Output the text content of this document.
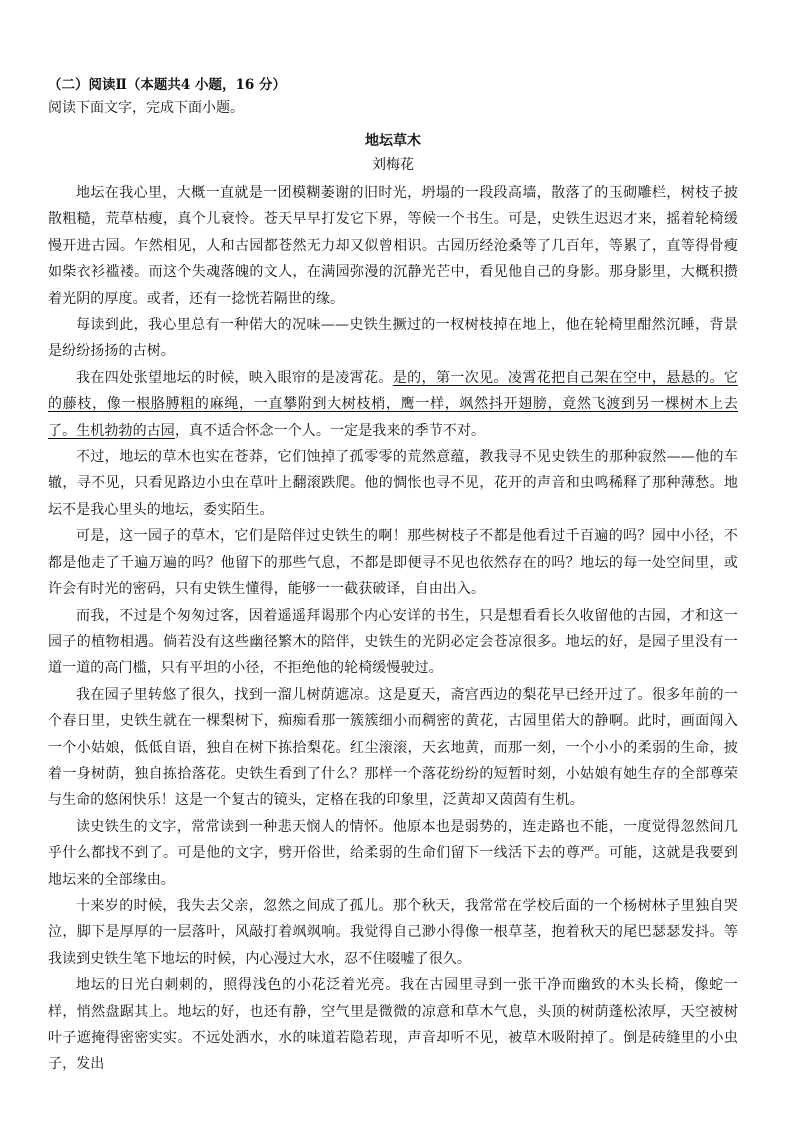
（二）阅读Ⅱ（本题共4 小题，16 分）

阅读下面文字，完成下面小题。

地坛草木

刘梅花

地坛在我心里，大概一直就是一团模糊萎谢的旧时光，坍塌的一段段高墙，散落了的玉砌雕栏，树枝子披散粗糙，荒草枯瘦，真个儿衰怜。苍天早早打发它下界，等候一个书生。可是，史铁生迟迟才来，摇着轮椅缓慢开进古园。乍然相见，人和古园都苍然无力却又似曾相识。古园历经沧桑等了几百年，等累了，直等得骨瘦如柴衣衫褴褛。而这个失魂落魄的文人，在满园弥漫的沉静光芒中，看见他自己的身影。那身影里，大概积攒着光阴的厚度。或者，还有一捻恍若隔世的缘。

每读到此，我心里总有一种偌大的况味——史铁生撅过的一杈树枝掉在地上，他在轮椅里酣然沉睡，背景是纷纷扬扬的古树。

我在四处张望地坛的时候，映入眼帘的是凌霄花。是的，第一次见。凌霄花把自己架在空中，悬悬的。它的藤枝，像一根胳膊粗的麻绳，一直攀附到大树枝梢，鹰一样，飒然抖开翅膀，竟然飞渡到另一棵树木上去了。生机勃勃的古园，真不适合怀念一个人。一定是我来的季节不对。

不过，地坛的草木也实在苍莽，它们蚀掉了孤零零的荒然意蕴，教我寻不见史铁生的那种寂然——他的车辙，寻不见，只看见路边小虫在草叶上翻滚跌爬。他的惆怅也寻不见，花开的声音和虫鸣稀释了那种薄愁。地坛不是我心里头的地坛，委实陌生。

可是，这一园子的草木，它们是陪伴过史铁生的啊！那些树枝子不都是他看过千百遍的吗？园中小径，不都是他走了千遍万遍的吗？他留下的那些气息，不都是即便寻不见也依然存在的吗？地坛的每一处空间里，或许会有时光的密码，只有史铁生懂得，能够一一截获破译，自由出入。

而我，不过是个匆匆过客，因着遥遥拜谒那个内心安详的书生，只是想看看长久收留他的古园，才和这一园子的植物相遇。倘若没有这些幽径繁木的陪伴，史铁生的光阴必定会苍凉很多。地坛的好，是园子里没有一道一道的高门槛，只有平坦的小径，不拒绝他的轮椅缓慢驶过。

我在园子里转悠了很久，找到一溜儿树荫遮凉。这是夏天，斋宫西边的梨花早已经开过了。很多年前的一个春日里，史铁生就在一棵梨树下，痴痴看那一簇簇细小而稠密的黄花，古园里偌大的静啊。此时，画面闯入一个小姑娘，低低自语，独自在树下拣拾梨花。红尘滚滚，天玄地黄，而那一刻，一个小小的柔弱的生命，披着一身树荫，独自拣拾落花。史铁生看到了什么？那样一个落花纷纷的短暂时刻，小姑娘有她生存的全部尊荣与生命的悠闲快乐！这是一个复古的镜头，定格在我的印象里，泛黄却又茵茵有生机。

读史铁生的文字，常常读到一种悲天悯人的情怀。他原本也是弱势的，连走路也不能，一度觉得忽然间几乎什么都找不到了。可是他的文字，劈开俗世，给柔弱的生命们留下一线活下去的尊严。可能，这就是我要到地坛来的全部缘由。

十来岁的时候，我失去父亲，忽然之间成了孤儿。那个秋天，我常常在学校后面的一个杨树林子里独自哭泣，脚下是厚厚的一层落叶，风敲打着飒飒响。我觉得自己渺小得像一根草茎，抱着秋天的尾巴瑟瑟发抖。等我读到史铁生笔下地坛的时候，内心漫过大水，忍不住啜嘘了很久。

地坛的日光白刺刺的，照得浅色的小花泛着光亮。我在古园里寻到一张干净而幽致的木头长椅，像蛇一样，悄然盘踞其上。地坛的好，也还有静，空气里是微微的凉意和草木气息，头顶的树荫蓬松浓厚，天空被树叶子遮掩得密密实实。不远处洒水，水的味道若隐若现，声音却听不见，被草木吸附掉了。倒是砖缝里的小虫子，发出
